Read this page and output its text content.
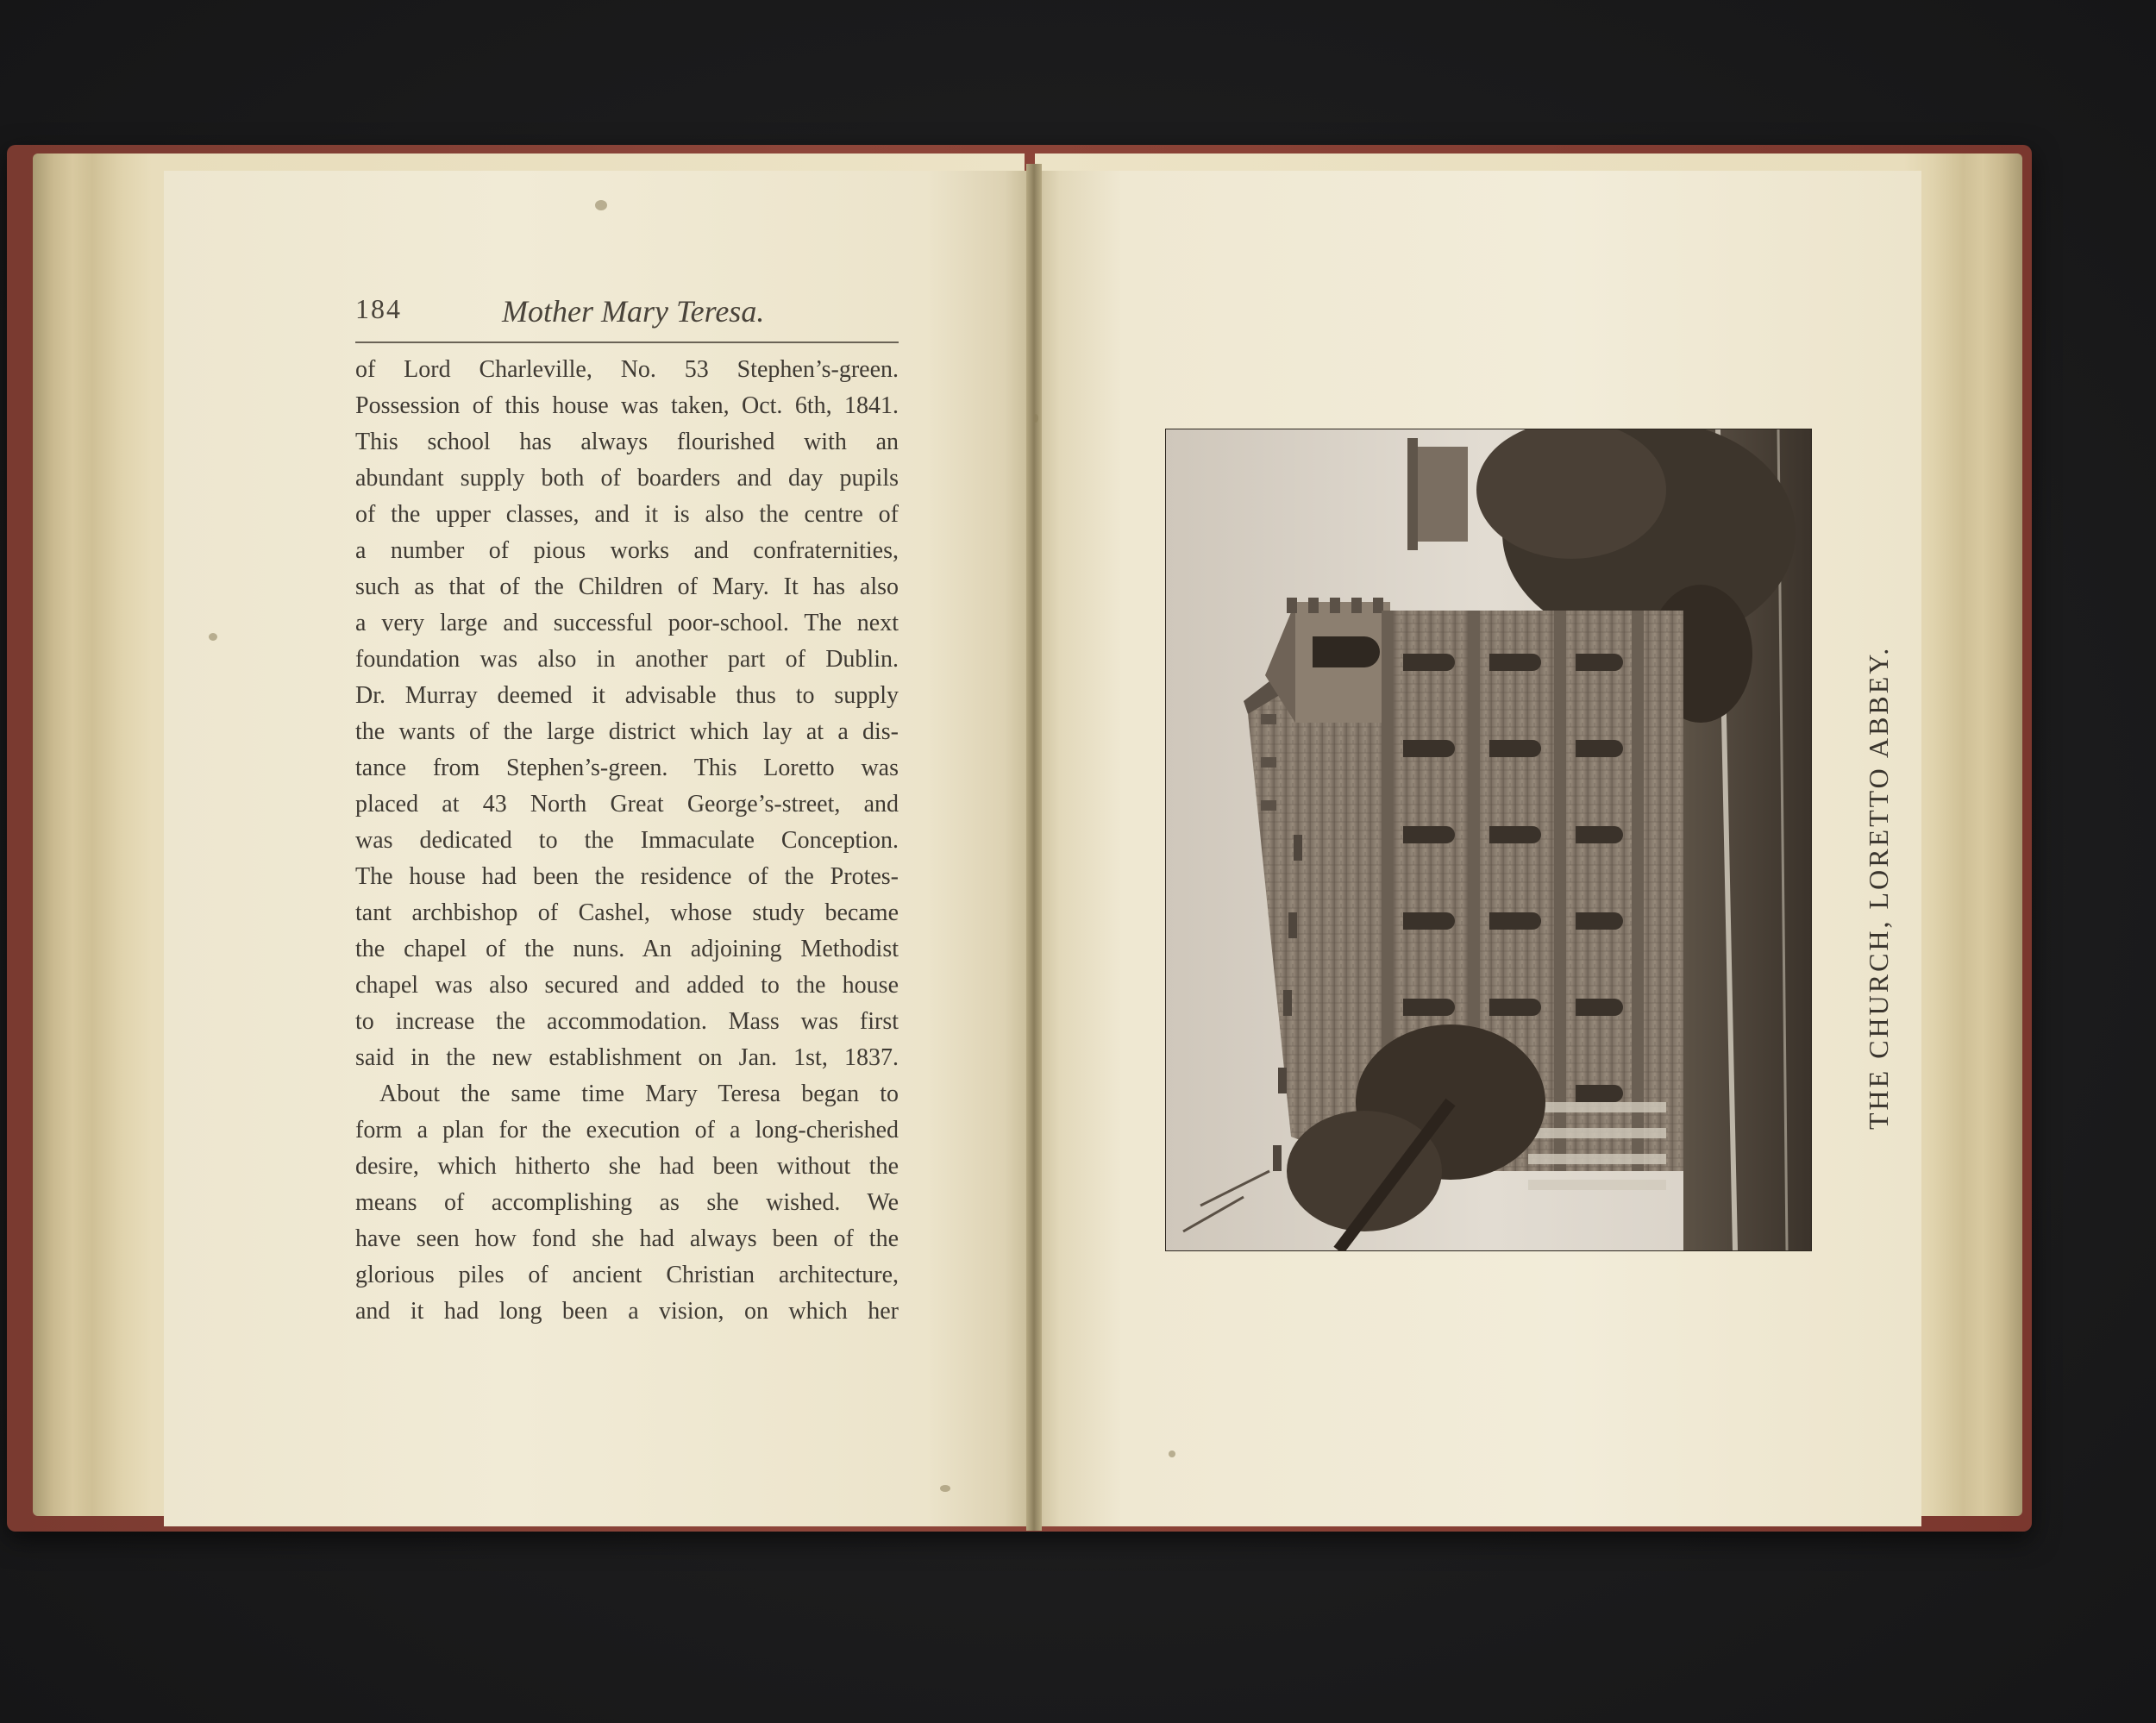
184	Mother Mary Teresa.
of Lord Charleville, No. 53 Stephen’s-green.
Possession of this house was taken, Oct. 6th, 1841.
This school has always flourished with an
abundant supply both of boarders and day pupils
of the upper classes, and it is also the centre of
a number of pious works and confraternities,
such as that of the Children of Mary. It has also
a very large and successful poor-school. The next
foundation was also in another part of Dublin.
Dr. Murray deemed it advisable thus to supply
the wants of the large district which lay at a dis-
tance from Stephen’s-green. This Loretto was
placed at 43 North Great George’s-street, and
was dedicated to the Immaculate Conception.
The house had been the residence of the Protes-
tant archbishop of Cashel, whose study became
the chapel of the nuns. An adjoining Methodist
chapel was also secured and added to the house
to increase the accommodation. Mass was first
said in the new establishment on Jan. 1st, 1837.
About the same time Mary Teresa began to
form a plan for the execution of a long-cherished
desire, which hitherto she had been without the
means of accomplishing as she wished. We
have seen how fond she had always been of the
glorious piles of ancient Christian architecture,
and it had long been a vision, on which her
THE CHURCH, LORETTO ABBEY.
